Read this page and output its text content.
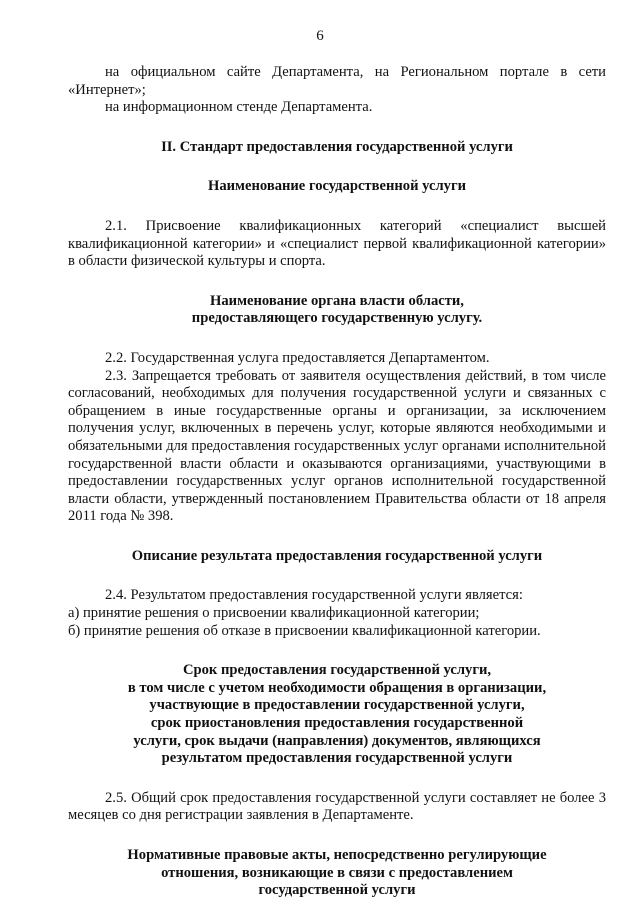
6

на официальном сайте Департамента, на Региональном портале в сети «Интернет»;

на информационном стенде Департамента.

II. Стандарт предоставления государственной услуги
Наименование государственной услуги

2.1. Присвоение квалификационных категорий «специалист высшей квалификационной категории» и «специалист первой квалификационной категории» в области физической культуры и спорта.

Наименование органа власти области,
предоставляющего государственную услугу.

2.2. Государственная услуга предоставляется Департаментом.

2.3. Запрещается требовать от заявителя осуществления действий, в том числе согласований, необходимых для получения государственной услуги и связанных с обращением в иные государственные органы и организации, за исключением получения услуг, включенных в перечень услуг, которые являются необходимыми и обязательными для предоставления государственных услуг органами исполнительной государственной власти области и оказываются организациями, участвующими в предоставлении государственных услуг органов исполнительной государственной власти области, утвержденный постановлением Правительства области от 18 апреля 2011 года № 398.

Описание результата предоставления государственной услуги

2.4. Результатом предоставления государственной услуги является:

а) принятие решения о присвоении квалификационной категории;

б) принятие решения об отказе в присвоении квалификационной категории.

Срок предоставления государственной услуги,
в том числе с учетом необходимости обращения в организации,
участвующие в предоставлении государственной услуги,
срок приостановления предоставления государственной
услуги, срок выдачи (направления) документов, являющихся
результатом предоставления государственной услуги

2.5. Общий срок предоставления государственной услуги составляет не более 3 месяцев со дня регистрации заявления в Департаменте.

Нормативные правовые акты, непосредственно регулирующие
отношения, возникающие в связи с предоставлением
государственной услуги
